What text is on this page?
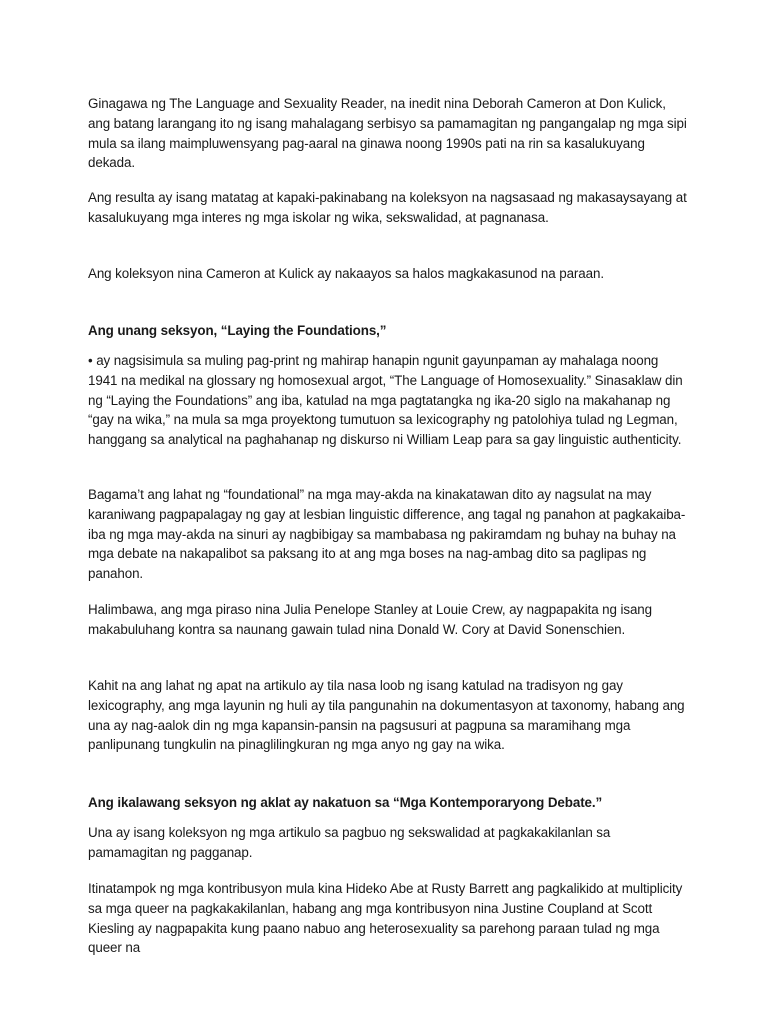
Ginagawa ng The Language and Sexuality Reader, na inedit nina Deborah Cameron at Don Kulick, ang batang larangang ito ng isang mahalagang serbisyo sa pamamagitan ng pangangalap ng mga sipi mula sa ilang maimpluwensyang pag-aaral na ginawa noong 1990s pati na rin sa kasalukuyang dekada.

Ang resulta ay isang matatag at kapaki-pakinabang na koleksyon na nagsasaad ng makasaysayang at kasalukuyang mga interes ng mga iskolar ng wika, sekswalidad, at pagnanasa.

Ang koleksyon nina Cameron at Kulick ay nakaayos sa halos magkakasunod na paraan.

Ang unang seksyon, “Laying the Foundations,”

• ay nagsisimula sa muling pag-print ng mahirap hanapin ngunit gayunpaman ay mahalaga noong 1941 na medikal na glossary ng homosexual argot, “The Language of Homosexuality.” Sinasaklaw din ng “Laying the Foundations” ang iba, katulad na mga pagtatangka ng ika-20 siglo na makahanap ng “gay na wika,” na mula sa mga proyektong tumutuon sa lexicography ng patolohiya tulad ng Legman, hanggang sa analytical na paghahanap ng diskurso ni William Leap para sa gay linguistic authenticity.

Bagama’t ang lahat ng “foundational” na mga may-akda na kinakatawan dito ay nagsulat na may karaniwang pagpapalagay ng gay at lesbian linguistic difference, ang tagal ng panahon at pagkakaiba-iba ng mga may-akda na sinuri ay nagbibigay sa mambabasa ng pakiramdam ng buhay na buhay na mga debate na nakapalibot sa paksang ito at ang mga boses na nag-ambag dito sa paglipas ng panahon.

Halimbawa, ang mga piraso nina Julia Penelope Stanley at Louie Crew, ay nagpapakita ng isang makabuluhang kontra sa naunang gawain tulad nina Donald W. Cory at David Sonenschien.

Kahit na ang lahat ng apat na artikulo ay tila nasa loob ng isang katulad na tradisyon ng gay lexicography, ang mga layunin ng huli ay tila pangunahin na dokumentasyon at taxonomy, habang ang una ay nag-aalok din ng mga kapansin-pansin na pagsusuri at pagpuna sa maramihang mga panlipunang tungkulin na pinaglilingkuran ng mga anyo ng gay na wika.

Ang ikalawang seksyon ng aklat ay nakatuon sa “Mga Kontemporaryong Debate.”

Una ay isang koleksyon ng mga artikulo sa pagbuo ng sekswalidad at pagkakakilanlan sa pamamagitan ng pagganap.

Itinatampok ng mga kontribusyon mula kina Hideko Abe at Rusty Barrett ang pagkalikido at multiplicity sa mga queer na pagkakakilanlan, habang ang mga kontribusyon nina Justine Coupland at Scott Kiesling ay nagpapakita kung paano nabuo ang heterosexuality sa parehong paraan tulad ng mga queer na
